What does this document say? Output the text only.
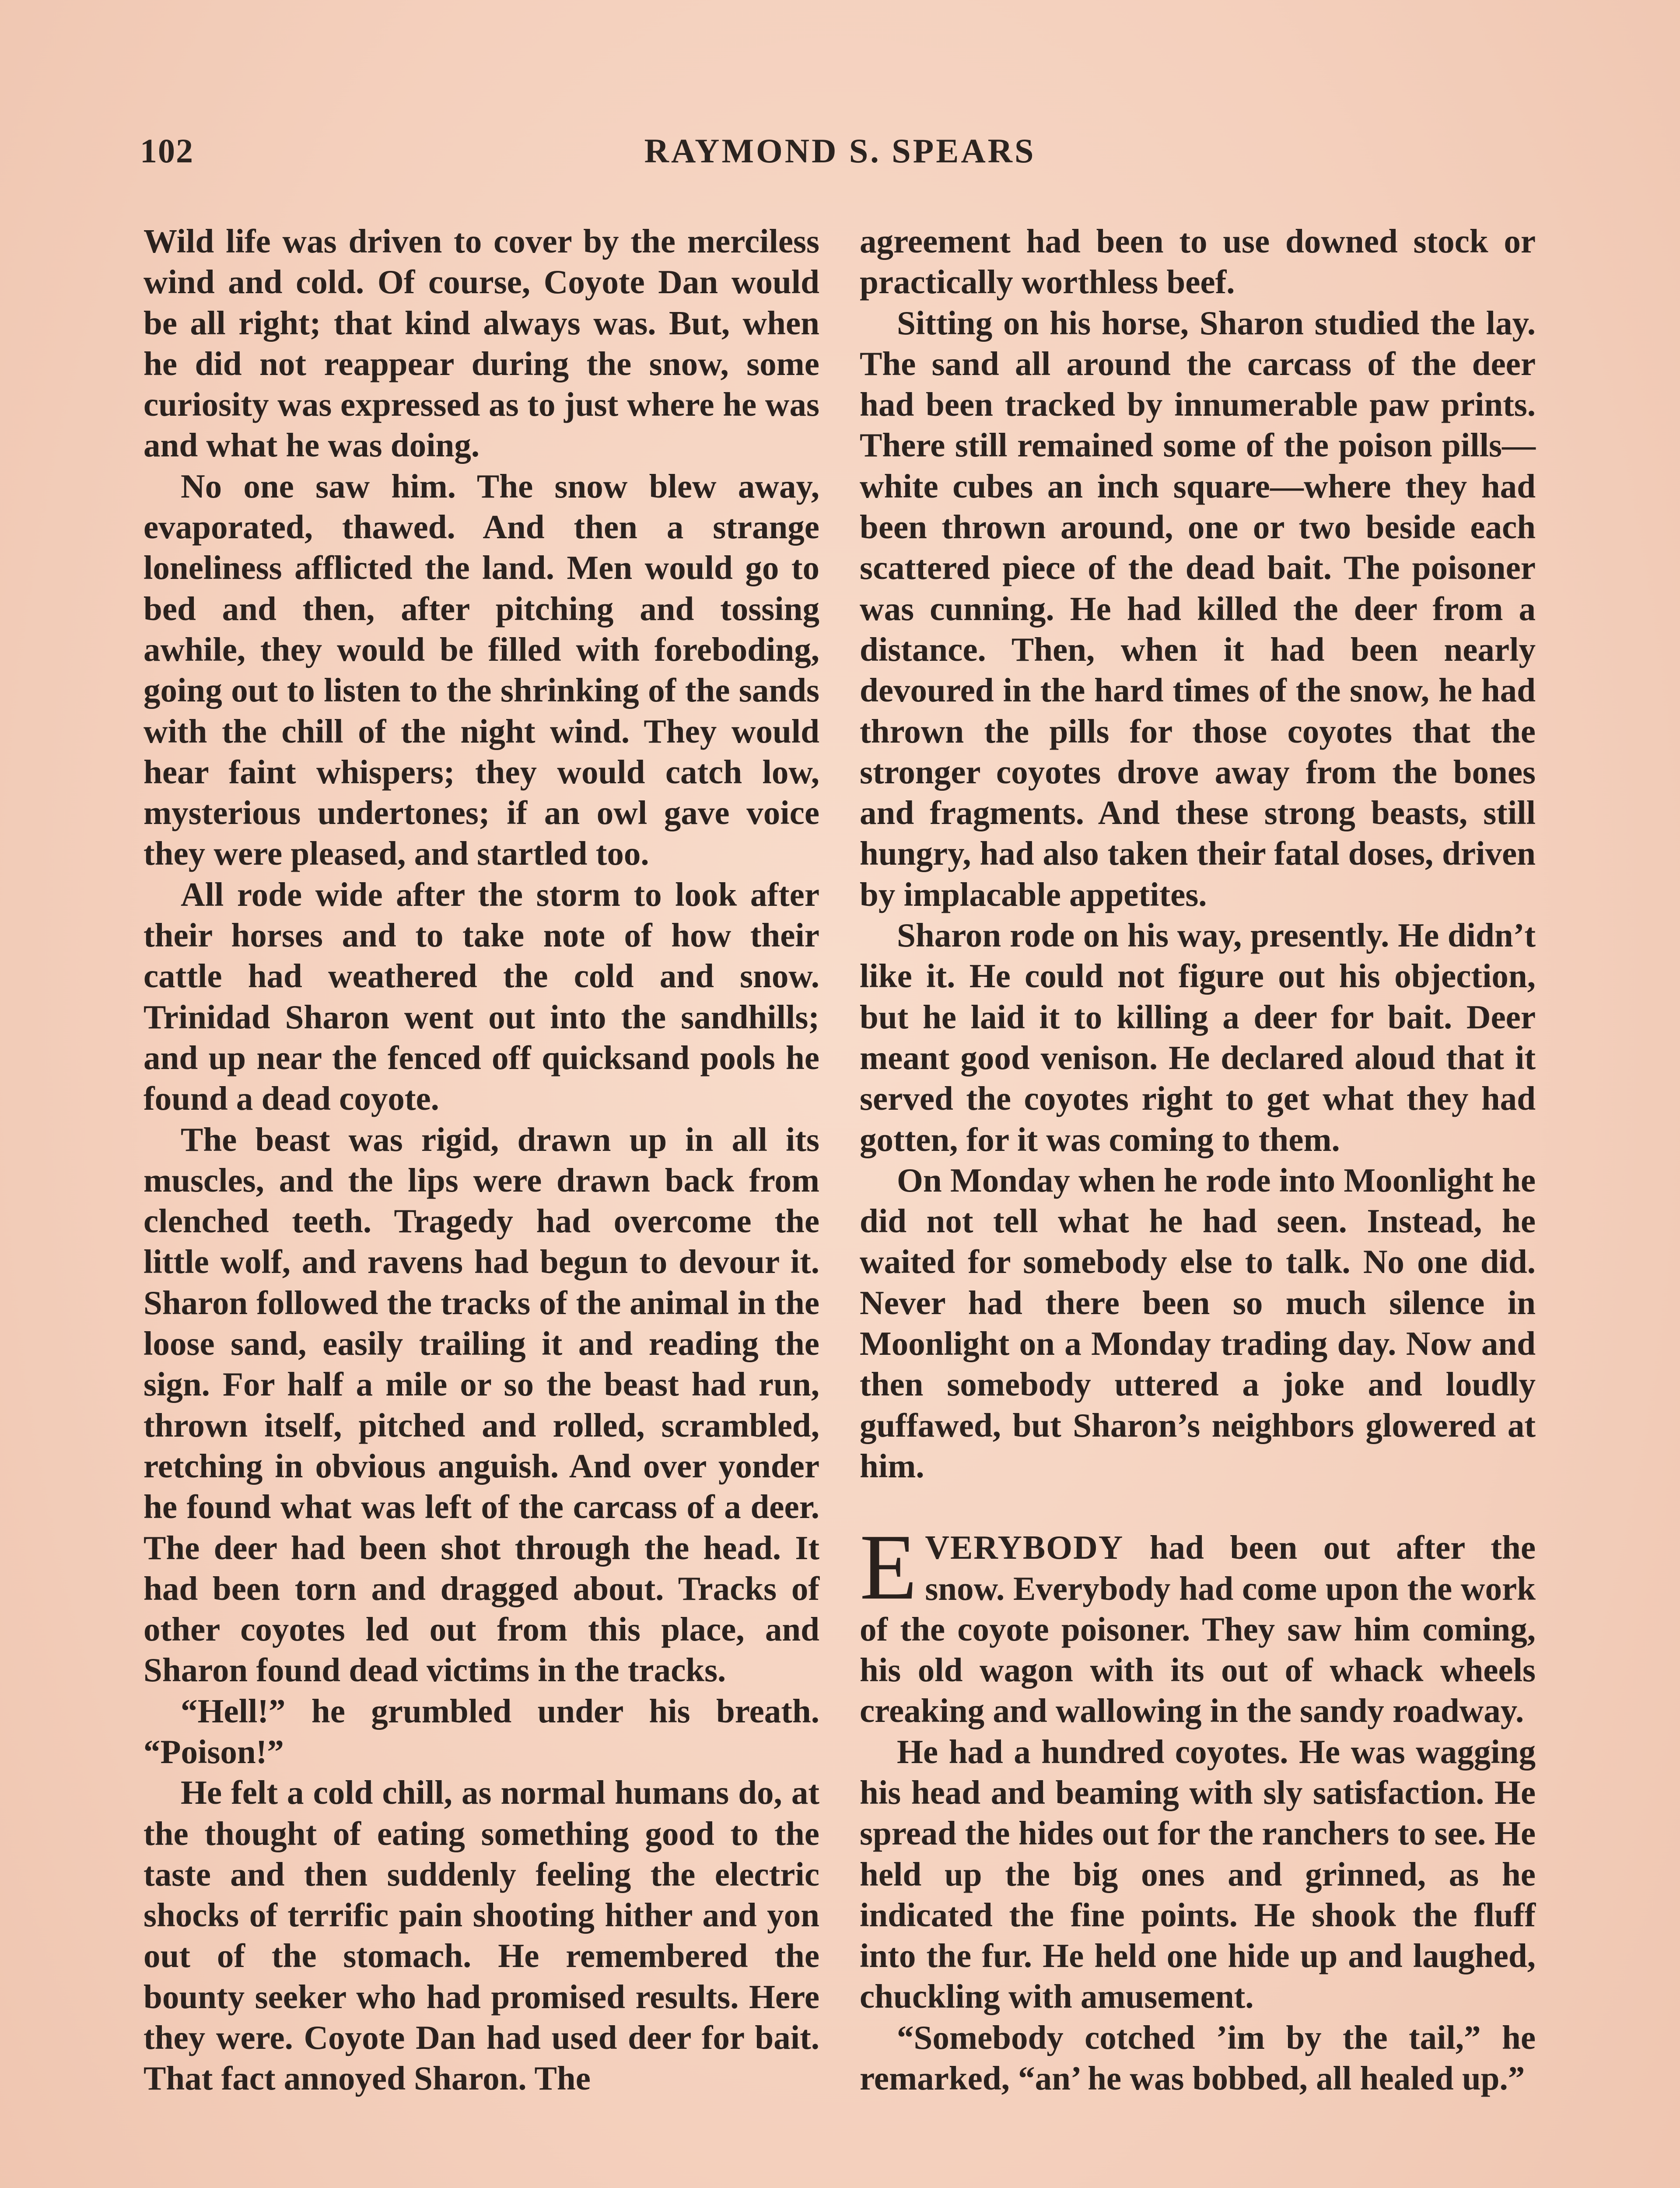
102	RAYMOND S. SPEARS

Wild life was driven to cover by the merciless wind and cold. Of course, Coyote Dan would be all right; that kind always was. But, when he did not reappear during the snow, some curiosity was expressed as to just where he was and what he was doing.

No one saw him. The snow blew away, evaporated, thawed. And then a strange loneliness afflicted the land. Men would go to bed and then, after pitching and tossing awhile, they would be filled with foreboding, going out to listen to the shrinking of the sands with the chill of the night wind. They would hear faint whispers; they would catch low, mysterious undertones; if an owl gave voice they were pleased, and startled too.

All rode wide after the storm to look after their horses and to take note of how their cattle had weathered the cold and snow. Trinidad Sharon went out into the sandhills; and up near the fenced off quicksand pools he found a dead coyote.

The beast was rigid, drawn up in all its muscles, and the lips were drawn back from clenched teeth. Tragedy had overcome the little wolf, and ravens had begun to devour it. Sharon followed the tracks of the animal in the loose sand, easily trailing it and reading the sign. For half a mile or so the beast had run, thrown itself, pitched and rolled, scrambled, retching in obvious anguish. And over yonder he found what was left of the carcass of a deer. The deer had been shot through the head. It had been torn and dragged about. Tracks of other coyotes led out from this place, and Sharon found dead victims in the tracks.

“Hell!” he grumbled under his breath. “Poison!”

He felt a cold chill, as normal humans do, at the thought of eating something good to the taste and then suddenly feeling the electric shocks of terrific pain shooting hither and yon out of the stomach. He remembered the bounty seeker who had promised results. Here they were. Coyote Dan had used deer for bait. That fact annoyed Sharon. The

agreement had been to use downed stock or practically worthless beef.

Sitting on his horse, Sharon studied the lay. The sand all around the carcass of the deer had been tracked by innumerable paw prints. There still remained some of the poison pills—white cubes an inch square—where they had been thrown around, one or two beside each scattered piece of the dead bait. The poisoner was cunning. He had killed the deer from a distance. Then, when it had been nearly devoured in the hard times of the snow, he had thrown the pills for those coyotes that the stronger coyotes drove away from the bones and fragments. And these strong beasts, still hungry, had also taken their fatal doses, driven by implacable appetites.

Sharon rode on his way, presently. He didn’t like it. He could not figure out his objection, but he laid it to killing a deer for bait. Deer meant good venison. He declared aloud that it served the coyotes right to get what they had gotten, for it was coming to them.

On Monday when he rode into Moonlight he did not tell what he had seen. Instead, he waited for somebody else to talk. No one did. Never had there been so much silence in Moonlight on a Monday trading day. Now and then somebody uttered a joke and loudly guffawed, but Sharon’s neighbors glowered at him.

EVERYBODY had been out after the snow. Everybody had come upon the work of the coyote poisoner. They saw him coming, his old wagon with its out of whack wheels creaking and wallowing in the sandy roadway.

He had a hundred coyotes. He was wagging his head and beaming with sly satisfaction. He spread the hides out for the ranchers to see. He held up the big ones and grinned, as he indicated the fine points. He shook the fluff into the fur. He held one hide up and laughed, chuckling with amusement.

“Somebody cotched ’im by the tail,” he remarked, “an’ he was bobbed, all healed up.”
